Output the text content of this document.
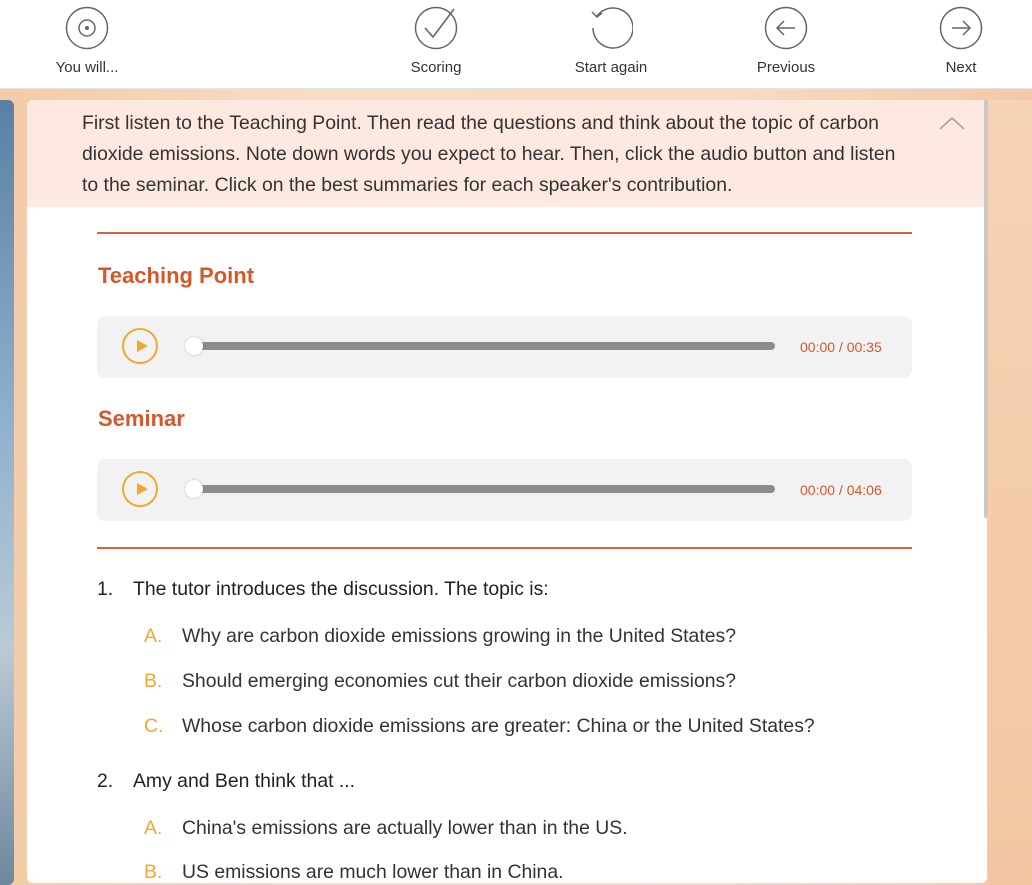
You will...	Scoring	Start again	Previous	Next

First listen to the Teaching Point. Then read the questions and think about the topic of carbon dioxide emissions. Note down words you expect to hear. Then, click the audio button and listen to the seminar. Click on the best summaries for each speaker's contribution.

Teaching Point
00:00 / 00:35
Seminar
00:00 / 04:06
1. The tutor introduces the discussion. The topic is:
A. Why are carbon dioxide emissions growing in the United States?
B. Should emerging economies cut their carbon dioxide emissions?
C. Whose carbon dioxide emissions are greater: China or the United States?
2. Amy and Ben think that ...
A. China's emissions are actually lower than in the US.
B. US emissions are much lower than in China.
